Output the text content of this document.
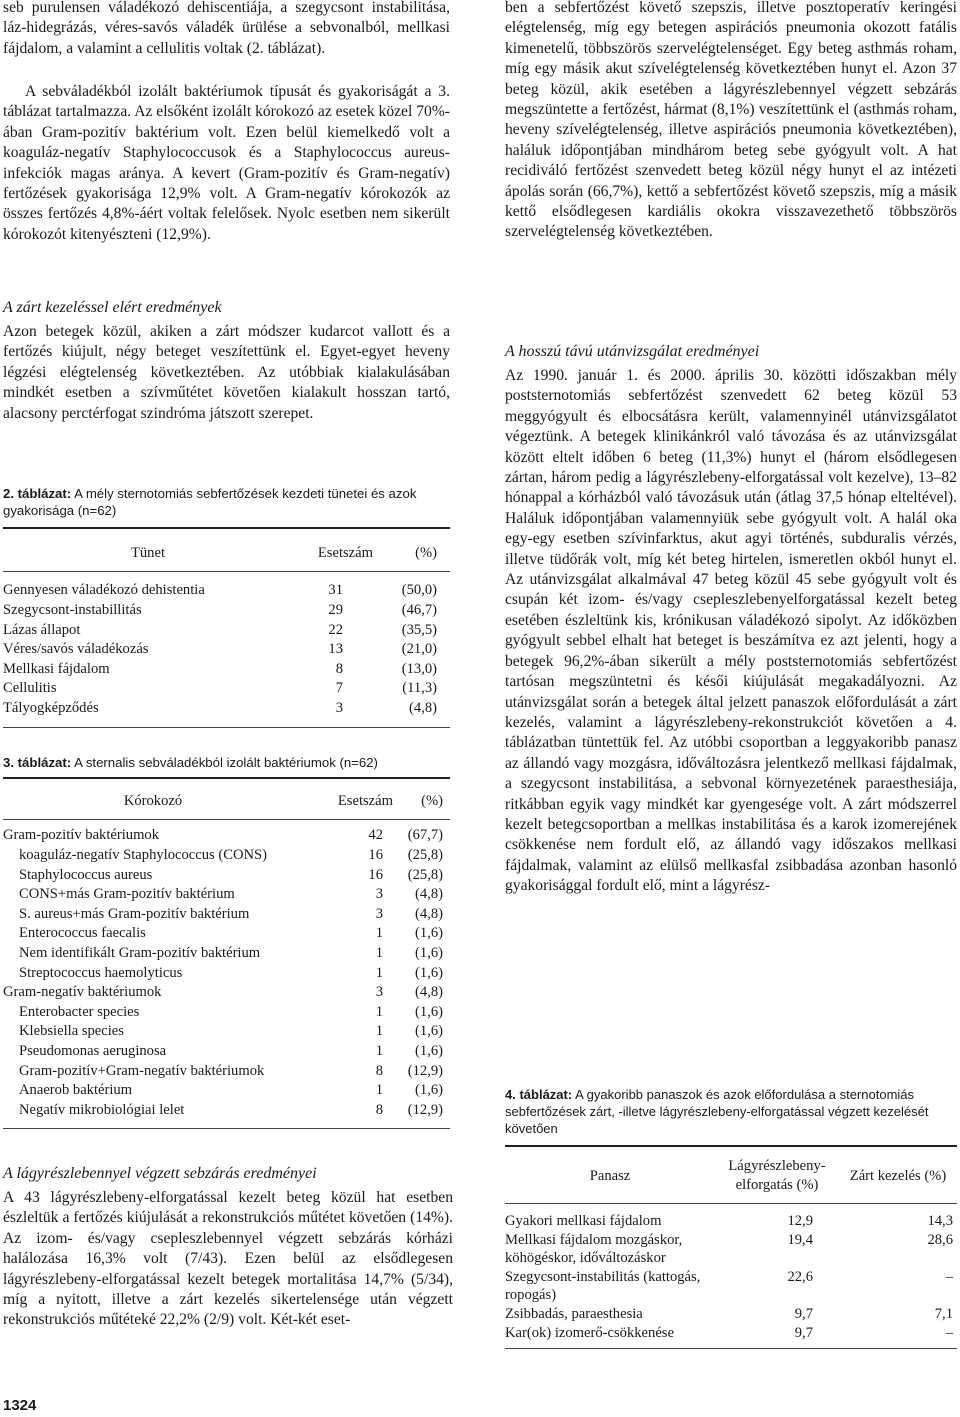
seb purulensen váladékozó dehiscentiája, a szegycsont instabilitása, láz-hidegrázás, véres-savós váladék ürülése a sebvonalból, mellkasi fájdalom, a valamint a cellulitis voltak (2. táblázat).

A sebváladékból izolált baktériumok típusát és gyakoriságát a 3. táblázat tartalmazza. Az elsőként izolált kórokozó az esetek közel 70%-ában Gram-pozitív baktérium volt. Ezen belül kiemelkedő volt a koaguláz-negatív Staphylococcusok és a Staphylococcus aureus-infekciók magas aránya. A kevert (Gram-pozitív és Gram-negatív) fertőzések gyakorisága 12,9% volt. A Gram-negatív kórokozók az összes fertőzés 4,8%-áért voltak felelősek. Nyolc esetben nem sikerült kórokozót kitenyészteni (12,9%).

A zárt kezeléssel elért eredmények

Azon betegek közül, akiken a zárt módszer kudarcot vallott és a fertőzés kiújult, négy beteget veszítettünk el. Egyet-egyet heveny légzési elégtelenség következtében. Az utóbbiak kialakulásában mindkét esetben a szívműtétet követően kialakult hosszan tartó, alacsony perctérfogat szindróma játszott szerepet.

2. táblázat: A mély sternotomiás sebfertőzések kezdeti tünetei és azok gyakorisága (n=62)

Tünet	Esetszám	(%)
Gennyesen váladékozó dehistentia	31	(50,0)
Szegycsont-instabillitás	29	(46,7)
Lázas állapot	22	(35,5)
Véres/savós váladékozás	13	(21,0)
Mellkasi fájdalom	8	(13,0)
Cellulitis	7	(11,3)
Tályogképződés	3	(4,8)

3. táblázat: A sternalis sebváladékból izolált baktériumok (n=62)

Kórokozó	Esetszám	(%)
Gram-pozitív baktériumok	42	(67,7)
koaguláz-negatív Staphylococcus (CONS)	16	(25,8)
Staphylococcus aureus	16	(25,8)
CONS+más Gram-pozitív baktérium	3	(4,8)
S. aureus+más Gram-pozitív baktérium	3	(4,8)
Enterococcus faecalis	1	(1,6)
Nem identifikált Gram-pozitív baktérium	1	(1,6)
Streptococcus haemolyticus	1	(1,6)
Gram-negatív baktériumok	3	(4,8)
Enterobacter species	1	(1,6)
Klebsiella species	1	(1,6)
Pseudomonas aeruginosa	1	(1,6)
Gram-pozitív+Gram-negatív baktériumok	8	(12,9)
Anaerob baktérium	1	(1,6)
Negatív mikrobiológiai lelet	8	(12,9)

A lágyrészlebennyel végzett sebzárás eredményei

A 43 lágyrészlebeny-elforgatással kezelt beteg közül hat esetben észleltük a fertőzés kiújulását a rekonstrukciós műtétet követően (14%). Az izom- és/vagy csepleszlebennyel végzett sebzárás kórházi halálozása 16,3% volt (7/43). Ezen belül az elsődlegesen lágyrészlebeny-elforgatással kezelt betegek mortalitása 14,7% (5/34), míg a nyitott, illetve a zárt kezelés sikertelensége után végzett rekonstrukciós műtéteké 22,2% (2/9) volt. Két-két eset-

ben a sebfertőzést követő szepszis, illetve posztoperatív keringési elégtelenség, míg egy betegen aspirációs pneumonia okozott fatális kimenetelű, többszörös szervelégtelenséget. Egy beteg asthmás roham, míg egy másik akut szívelégtelenség következtében hunyt el. Azon 37 beteg közül, akik esetében a lágyrészlebennyel végzett sebzárás megszüntette a fertőzést, hármat (8,1%) veszítettünk el (asthmás roham, heveny szívelégtelenség, illetve aspirációs pneumonia következtében), haláluk időpontjában mindhárom beteg sebe gyógyult volt. A hat recidiváló fertőzést szenvedett beteg közül négy hunyt el az intézeti ápolás során (66,7%), kettő a sebfertőzést követő szepszis, míg a másik kettő elsődlegesen kardiális okokra visszavezethető többszörös szervelégtelenség következtében.

A hosszú távú utánvizsgálat eredményei

Az 1990. január 1. és 2000. április 30. közötti időszakban mély poststernotomiás sebfertőzést szenvedett 62 beteg közül 53 meggyógyult és elbocsátásra került, valamennyinél utánvizsgálatot végeztünk. A betegek klinikánkról való távozása és az utánvizsgálat között eltelt időben 6 beteg (11,3%) hunyt el (három elsődlegesen zártan, három pedig a lágyrészlebeny-elforgatással volt kezelve), 13–82 hónappal a kórházból való távozásuk után (átlag 37,5 hónap elteltével). Haláluk időpontjában valamennyiük sebe gyógyult volt. A halál oka egy-egy esetben szívinfarktus, akut agyi történés, subduralis vérzés, illetve tüdőrák volt, míg két beteg hirtelen, ismeretlen okból hunyt el. Az utánvizsgálat alkalmával 47 beteg közül 45 sebe gyógyult volt és csupán két izom- és/vagy csepleszlebenyelforgatással kezelt beteg esetében észleltünk kis, krónikusan váladékozó sipolyt. Az időközben gyógyult sebbel elhalt hat beteget is beszámítva ez azt jelenti, hogy a betegek 96,2%-ában sikerült a mély poststernotomiás sebfertőzést tartósan megszüntetni és késői kiújulását megakadályozni. Az utánvizsgálat során a betegek által jelzett panaszok előfordulását a zárt kezelés, valamint a lágyrészlebeny-rekonstrukciót követően a 4. táblázatban tüntettük fel. Az utóbbi csoportban a leggyakoribb panasz az állandó vagy mozgásra, időváltozásra jelentkező mellkasi fájdalmak, a szegycsont instabilitása, a sebvonal környezetének paraesthesiája, ritkábban egyik vagy mindkét kar gyengesége volt. A zárt módszerrel kezelt betegcsoportban a mellkas instabilitása és a karok izomerejének csökkenése nem fordult elő, az állandó vagy időszakos mellkasi fájdalmak, valamint az elülső mellkasfal zsibbadása azonban hasonló gyakorisággal fordult elő, mint a lágyrész-

4. táblázat: A gyakoribb panaszok és azok előfordulása a sternotomiás sebfertőzések zárt, -illetve lágyrészlebeny-elforgatással végzett kezelését követően

Panasz	Lágyrészlebeny-elforgatás (%)	Zárt kezelés (%)
Gyakori mellkasi fájdalom	12,9	14,3
Mellkasi fájdalom mozgáskor, köhögéskor, időváltozáskor	19,4	28,6
Szegycsont-instabilitás (kattogás, ropogás)	22,6	–
Zsibbadás, paraesthesia	9,7	7,1
Kar(ok) izomerő-csökkenése	9,7	–
1324
